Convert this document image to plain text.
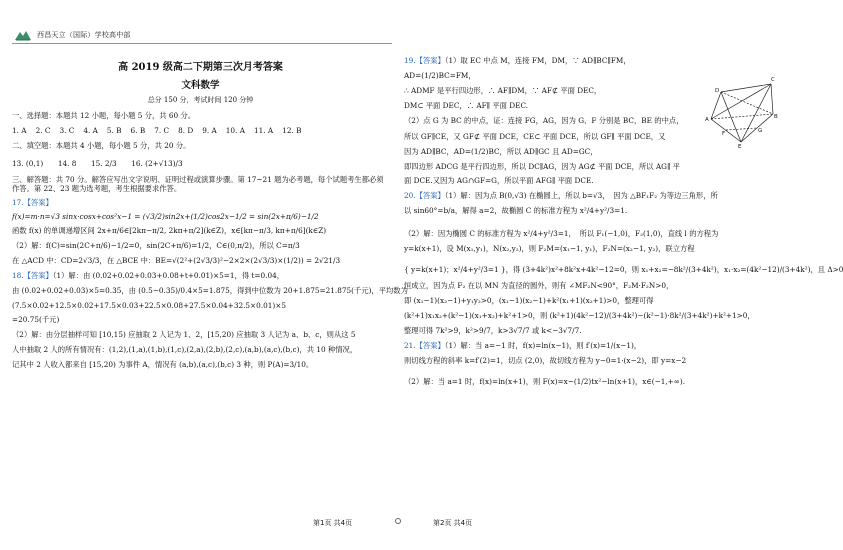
西昌天立（国际）学校高中部
高 2019 级高二下期第三次月考答案
文科数学
总分 150 分，考试时间 120 分钟

一、选择题：本题共 12 小题，每小题 5 分，共 60 分。

1. A 2. C 3. C 4. A 5. B 6. B 7. C 8. D 9. A 10. A 11. A 12. B

二、填空题：本题共 4 小题，每小题 5 分，共 20 分。

13. (0,1)　　14. 8　　15. 2/3　　16. (2+√13)/3

三、解答题：共 70 分。解答应写出文字说明、证明过程或演算步骤。第 17~21 题为必考题，每个试题考生都必须作答。第 22、23 题为选考题，考生根据要求作答。

17.【答案】

f(x)=m·n=√3 sinx·cosx+cos²x−1 = (√3/2)sin2x+(1/2)cos2x−1/2 = sin(2x+π/6)−1/2

函数 f(x) 的单调递增区间 2x+π/6∈[2kπ−π/2, 2kπ+π/2](k∈Z)，x∈[kπ−π/3, kπ+π/6](k∈Z)

（2）解：f(C)=sin(2C+π/6)−1/2=0，sin(2C+π/6)=1/2，C∈(0,π/2)，所以 C=π/3

在 △ACD 中：CD=2√3/3，在 △BCE 中：BE=√(2²+(2√3/3)²−2×2×(2√3/3)×(1/2)) = 2√21/3

18.【答案】（1）解：由 (0.02+0.02+0.03+0.08+t+0.01)×5=1，得 t=0.04，

由 (0.02+0.02+0.03)×5=0.35，由 (0.5−0.35)/0.4×5=1.875，得到中位数为 20+1.875=21.875(千元)，平均数为

(7.5×0.02+12.5×0.02+17.5×0.03+22.5×0.08+27.5×0.04+32.5×0.01)×5

=20.75(千元)

（2）解：由分层抽样可知 [10,15) 应抽取 2 人记为 1、2，[15,20) 应抽取 3 人记为 a、b、c，则从这 5

人中抽取 2 人的所有情况有：(1,2),(1,a),(1,b),(1,c),(2,a),(2,b),(2,c),(a,b),(a,c),(b,c)，共 10 种情况，

记其中 2 人收入都来自 [15,20) 为事件 A，情况有 (a,b),(a,c),(b,c) 3 种，则 P(A)=3/10。

C
D
B
A
E
F	G

19.【答案】（1）取 EC 中点 M，连接 FM，DM，∵ AD∥BC∥FM，

AD=(1/2)BC=FM，

∴ ADMF 是平行四边形，∴ AF∥DM，∵ AF⊄ 平面 DEC，

DM⊂ 平面 DEC，∴ AF∥ 平面 DEC.

（2）点 G 为 BC 的中点，证：连接 FG，AG，因为 G、F 分别是 BC，BE 的中点，

所以 GF∥CE，又 GF⊄ 平面 DCE，CE⊂ 平面 DCE，所以 GF∥ 平面 DCE，又

因为 AD∥BC，AD=(1/2)BC，所以 AD∥GC 且 AD=GC，

即四边形 ADCG 是平行四边形，所以 DC∥AG，因为 AG⊄ 平面 DCE，所以 AG∥ 平

面 DCE.又因为 AG∩GF=G，所以平面 AFG∥ 平面 DCE.

20.【答案】（1）解：因为点 B(0,√3) 在椭圆上，所以 b=√3，　因为 △BF₁F₂ 为等边三角形，所

以 sin60°=b/a，解得 a=2，故椭圆 C 的标准方程为 x²/4+y²/3=1.

（2）解：因为椭圆 C 的标准方程为 x²/4+y²/3=1，　所以 F₁(−1,0)，F₂(1,0)，直线 l 的方程为

y=k(x+1)，设 M(x₁,y₁)，N(x₂,y₂)，则 F₂M=(x₁−1, y₁)，F₂N=(x₂−1, y₂)，联立方程

{ y=k(x+1)；x²/4+y²/3=1 }，得 (3+4k²)x²+8k²x+4k²−12=0，则 x₁+x₂=−8k²/(3+4k²)，x₁·x₂=(4k²−12)/(3+4k²)，且 Δ>0

恒成立，因为点 F₂ 在以 MN 为直径的圆外，则有 ∠MF₂N<90°，F₂M·F₂N>0，

即 (x₁−1)(x₂−1)+y₁y₂>0，(x₁−1)(x₂−1)+k²(x₁+1)(x₂+1)>0，整理可得

(k²+1)x₁x₂+(k²−1)(x₁+x₂)+k²+1>0，则 (k²+1)(4k²−12)/(3+4k²)−(k²−1)·8k²/(3+4k²)+k²+1>0，

整理可得 7k²>9，k²>9/7，k>3√7/7 或 k<−3√7/7.

21.【答案】（1）解：当 a=−1 时，f(x)=ln(x−1)，则 f′(x)=1/(x−1)，

则切线方程的斜率 k=f′(2)=1，切点 (2,0)，故切线方程为 y−0=1·(x−2)，即 y=x−2

（2）解：当 a=1 时，f(x)=ln(x+1)，则 F(x)=x−(1/2)tx²−ln(x+1)，x∈(−1,+∞).

第1页 共4页	第2页 共4页
